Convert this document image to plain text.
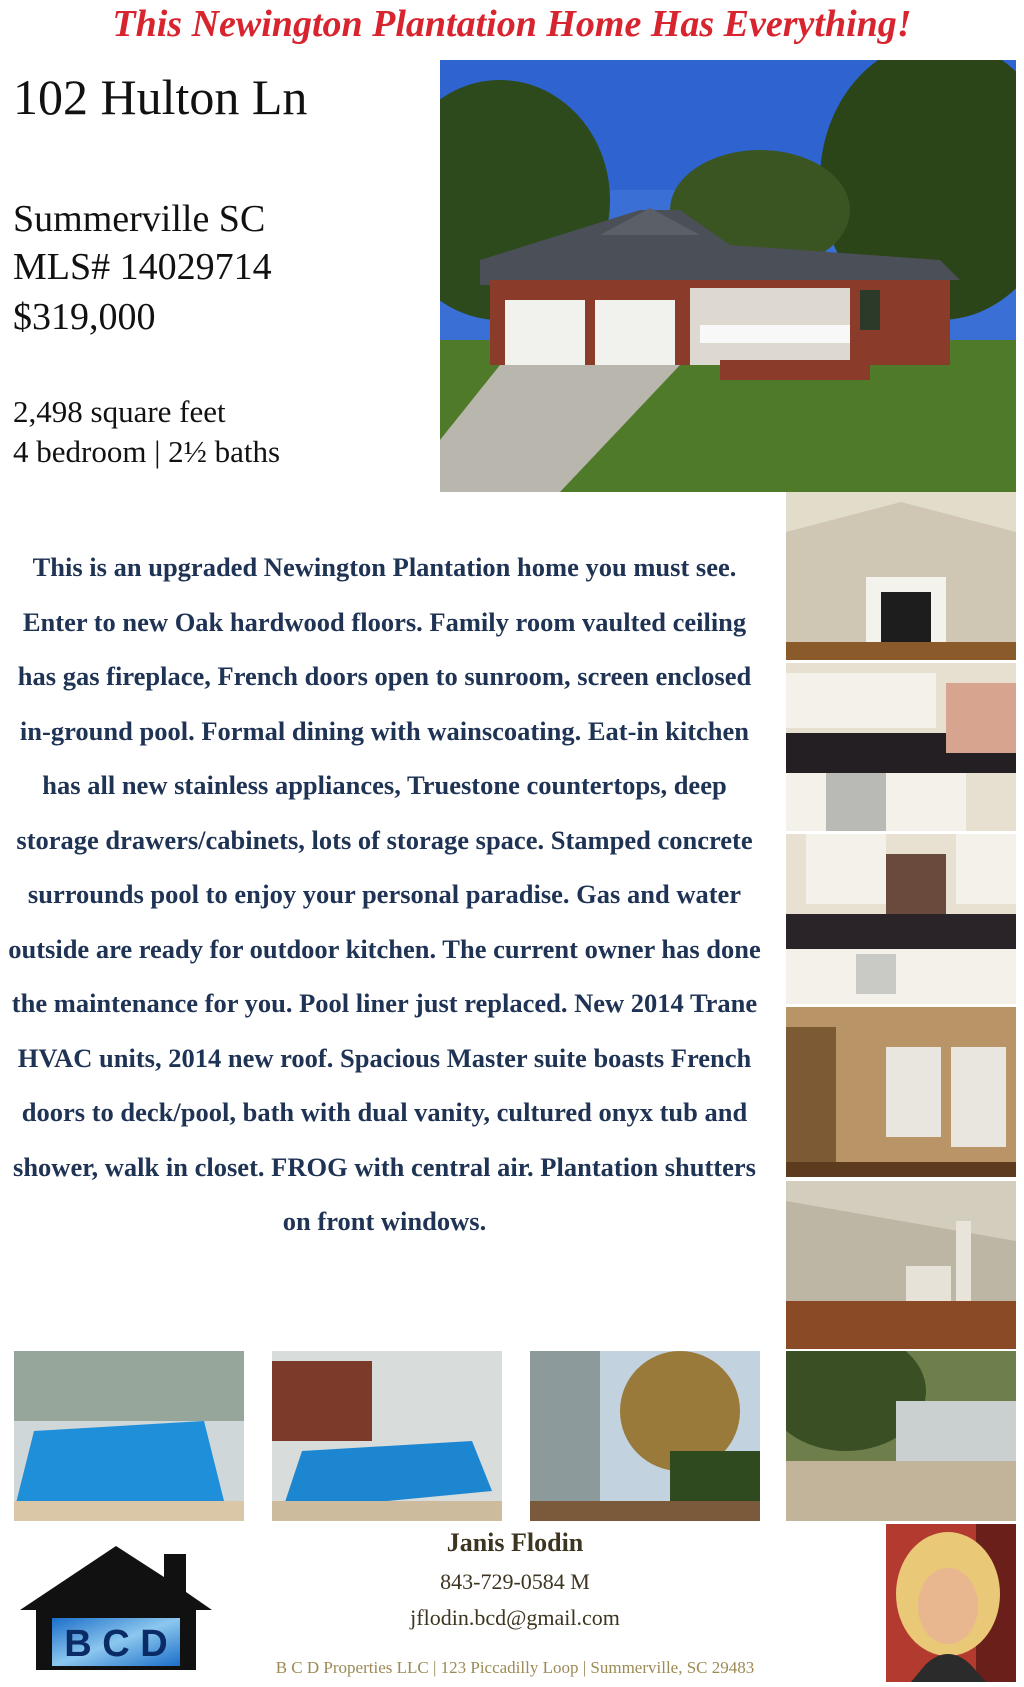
This Newington Plantation Home Has Everything!
102 Hulton Ln
Summerville SC
MLS# 14029714
$319,000
2,498 square feet
4 bedroom | 2½ baths
B C D
Janis Flodin
843-729-0584 M
jflodin.bcd@gmail.com
This is an upgraded Newington Plantation home you must see. Enter to new Oak hardwood floors. Family room vaulted ceiling has gas fireplace, French doors open to sunroom, screen enclosed in-ground pool. Formal dining with wainscoating. Eat-in kitchen has all new stainless appliances, Truestone countertops, deep storage drawers/cabinets, lots of storage space. Stamped concrete surrounds pool to enjoy your personal paradise. Gas and water outside are ready for outdoor kitchen. The current owner has done the maintenance for you. Pool liner just replaced. New 2014 Trane HVAC units, 2014 new roof. Spacious Master suite boasts French doors to deck/pool, bath with dual vanity, cultured onyx tub and shower, walk in closet. FROG with central air. Plantation shutters on front windows.
B C D Properties LLC | 123 Piccadilly Loop | Summerville, SC 29483
